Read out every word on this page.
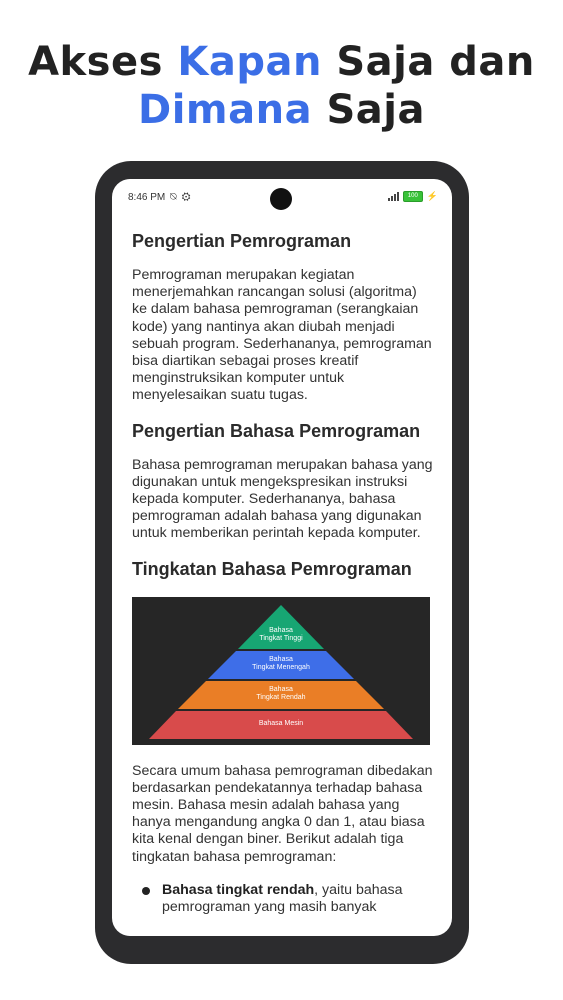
Akses Kapan Saja dan
Dimana Saja
8:46 PM ⍉ ⚙	100	⚡
Pengertian Pemrograman

Pemrograman merupakan kegiatan menerjemahkan rancangan solusi (algoritma) ke dalam bahasa pemrograman (serangkaian kode) yang nantinya akan diubah menjadi sebuah program. Sederhananya, pemrograman bisa diartikan sebagai proses kreatif menginstruksikan komputer untuk menyelesaikan suatu tugas.

Pengertian Bahasa Pemrograman

Bahasa pemrograman merupakan bahasa yang digunakan untuk mengekspresikan instruksi kepada komputer. Sederhananya, bahasa pemrograman adalah bahasa yang digunakan untuk memberikan perintah kepada komputer.

Tingkatan Bahasa Pemrograman
Bahasa
Tingkat Tinggi
Bahasa
Tingkat Menengah
Bahasa
Tingkat Rendah
Bahasa Mesin

Secara umum bahasa pemrograman dibedakan berdasarkan pendekatannya terhadap bahasa mesin. Bahasa mesin adalah bahasa yang hanya mengandung angka 0 dan 1, atau biasa kita kenal dengan biner. Berikut adalah tiga tingkatan bahasa pemrograman:

Bahasa tingkat rendah, yaitu bahasa pemrograman yang masih banyak
